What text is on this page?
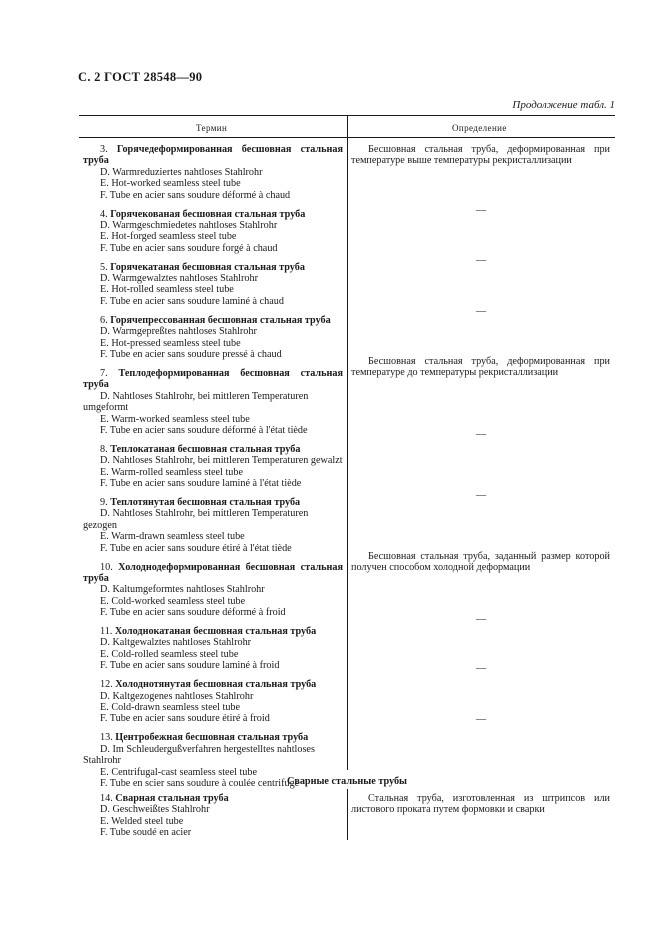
С. 2 ГОСТ 28548—90
Продолжение табл. 1
Термин	Определение
3. Горячедеформированная бесшовная стальная труба
D. Warmreduziertes nahtloses Stahlrohr
E. Hot-worked seamless steel tube
F. Tube en acier sans soudure déformé à chaud
4. Горячекованая бесшовная стальная труба
D. Warmgeschmiedetes nahtloses Stahlrohr
E. Hot-forged seamless steel tube
F. Tube en acier sans soudure forgé à chaud
5. Горячекатаная бесшовная стальная труба
D. Warmgewalztes nahtloses Stahlrohr
E. Hot-rolled seamless steel tube
F. Tube en acier sans soudure laminé à chaud
6. Горячепрессованная бесшовная стальная труба
D. Warmgepreßtes nahtloses Stahlrohr
E. Hot-pressed seamless steel tube
F. Tube en acier sans soudure pressé à chaud
7. Теплодеформированная бесшовная стальная труба
D. Nahtloses Stahlrohr, bei mittleren Temperaturen umgeformt
E. Warm-worked seamless steel tube
F. Tube en acier sans soudure déformé à l'état tiède
8. Теплокатаная бесшовная стальная труба
D. Nahtloses Stahlrohr, bei mittleren Temperaturen gewalzt
E. Warm-rolled seamless steel tube
F. Tube en acier sans soudure laminé à l'état tiède
9. Теплотянутая бесшовная стальная труба
D. Nahtloses Stahlrohr, bei mittleren Temperaturen gezogen
E. Warm-drawn seamless steel tube
F. Tube en acier sans soudure étiré à l'état tiède
10. Холоднодеформированная бесшовная стальная труба
D. Kaltumgeformtes nahtloses Stahlrohr
E. Cold-worked seamless steel tube
F. Tube en acier sans soudure déformé à froid
11. Холоднокатаная бесшовная стальная труба
D. Kaltgewalztes nahtloses Stahlrohr
E. Cold-rolled seamless steel tube
F. Tube en acier sans soudure laminé à froid
12. Холоднотянутая бесшовная стальная труба
D. Kaltgezogenes nahtloses Stahlrohr
E. Cold-drawn seamless steel tube
F. Tube en acier sans soudure étiré à froid
13. Центробежная бесшовная стальная труба
D. Im Schleudergußverfahren hergestelltes nahtloses Stahlrohr
E. Centrifugal-cast seamless steel tube
F. Tube en scier sans soudure à coulée centrifuge
Бесшовная стальная труба, деформированная при температуре выше температуры рекристаллизации
—
—
—
Бесшовная стальная труба, деформированная при температуре до температуры рекристаллизации
—
—
Бесшовная стальная труба, заданный размер которой получен способом холодной деформации
—
—
—
Сварные стальные трубы
14. Сварная стальная труба
D. Geschweißtes Stahlrohr
E. Welded steel tube
F. Tube soudé en acier
Стальная труба, изготовленная из штрипсов или листового проката путем формовки и сварки
